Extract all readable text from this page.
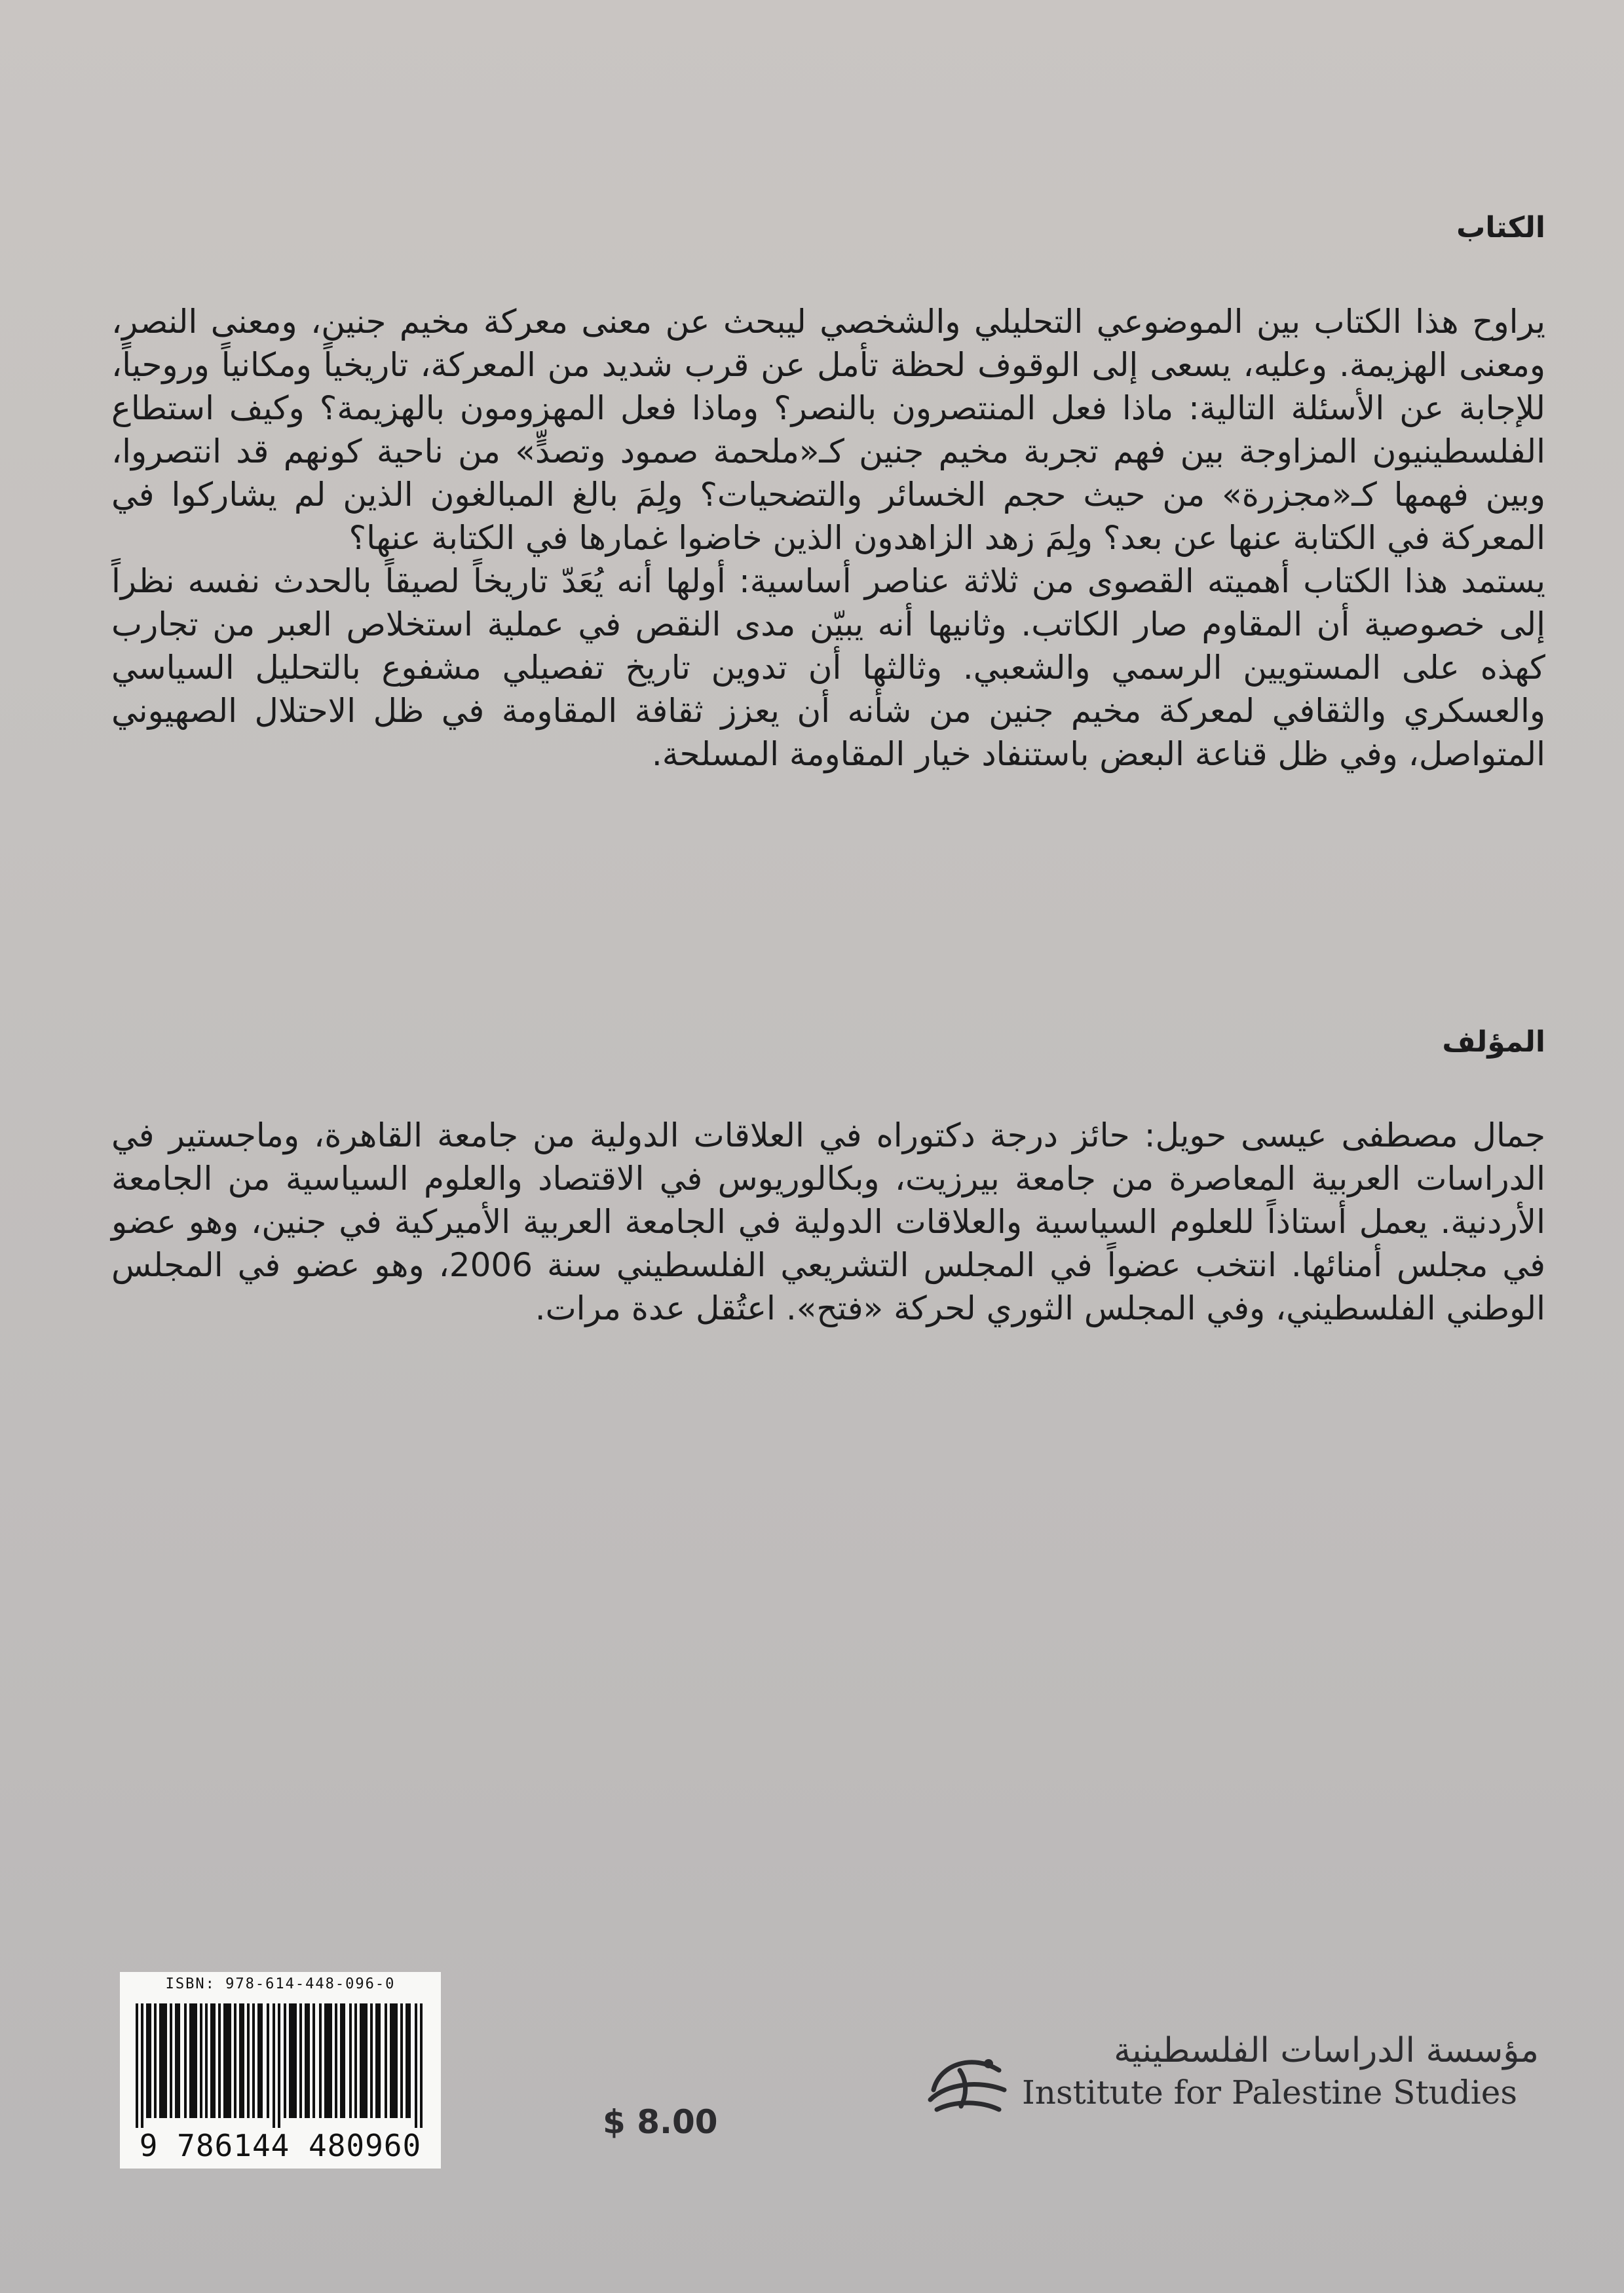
الكتاب

يراوح هذا الكتاب بين الموضوعي التحليلي والشخصي ليبحث عن معنى معركة مخيم جنين، ومعنى النصر، ومعنى الهزيمة. وعليه، يسعى إلى الوقوف لحظة تأمل عن قرب شديد من المعركة، تاريخياً ومكانياً وروحياً، للإجابة عن الأسئلة التالية: ماذا فعل المنتصرون بالنصر؟ وماذا فعل المهزومون بالهزيمة؟ وكيف استطاع الفلسطينيون المزاوجة بين فهم تجربة مخيم جنين كـ«ملحمة صمود وتصدٍّ» من ناحية كونهم قد انتصروا، وبين فهمها كـ«مجزرة» من حيث حجم الخسائر والتضحيات؟ ولِمَ بالغ المبالغون الذين لم يشاركوا في المعركة في الكتابة عنها عن بعد؟ ولِمَ زهد الزاهدون الذين خاضوا غمارها في الكتابة عنها؟

يستمد هذا الكتاب أهميته القصوى من ثلاثة عناصر أساسية: أولها أنه يُعَدّ تاريخاً لصيقاً بالحدث نفسه نظراً إلى خصوصية أن المقاوم صار الكاتب. وثانيها أنه يبيّن مدى النقص في عملية استخلاص العبر من تجارب كهذه على المستويين الرسمي والشعبي. وثالثها أن تدوين تاريخ تفصيلي مشفوع بالتحليل السياسي والعسكري والثقافي لمعركة مخيم جنين من شأنه أن يعزز ثقافة المقاومة في ظل الاحتلال الصهيوني المتواصل، وفي ظل قناعة البعض باستنفاد خيار المقاومة المسلحة.

المؤلف

جمال مصطفى عيسى حويل: حائز درجة دكتوراه في العلاقات الدولية من جامعة القاهرة، وماجستير في الدراسات العربية المعاصرة من جامعة بيرزيت، وبكالوريوس في الاقتصاد والعلوم السياسية من الجامعة الأردنية. يعمل أستاذاً للعلوم السياسية والعلاقات الدولية في الجامعة العربية الأميركية في جنين، وهو عضو في مجلس أمنائها. انتخب عضواً في المجلس التشريعي الفلسطيني سنة 2006، وهو عضو في المجلس الوطني الفلسطيني، وفي المجلس الثوري لحركة «فتح». اعتُقل عدة مرات.

ISBN: 978-614-448-096-0
9 786144 480960
$ 8.00
مؤسسة الدراسات الفلسطينية
Institute for Palestine Studies
